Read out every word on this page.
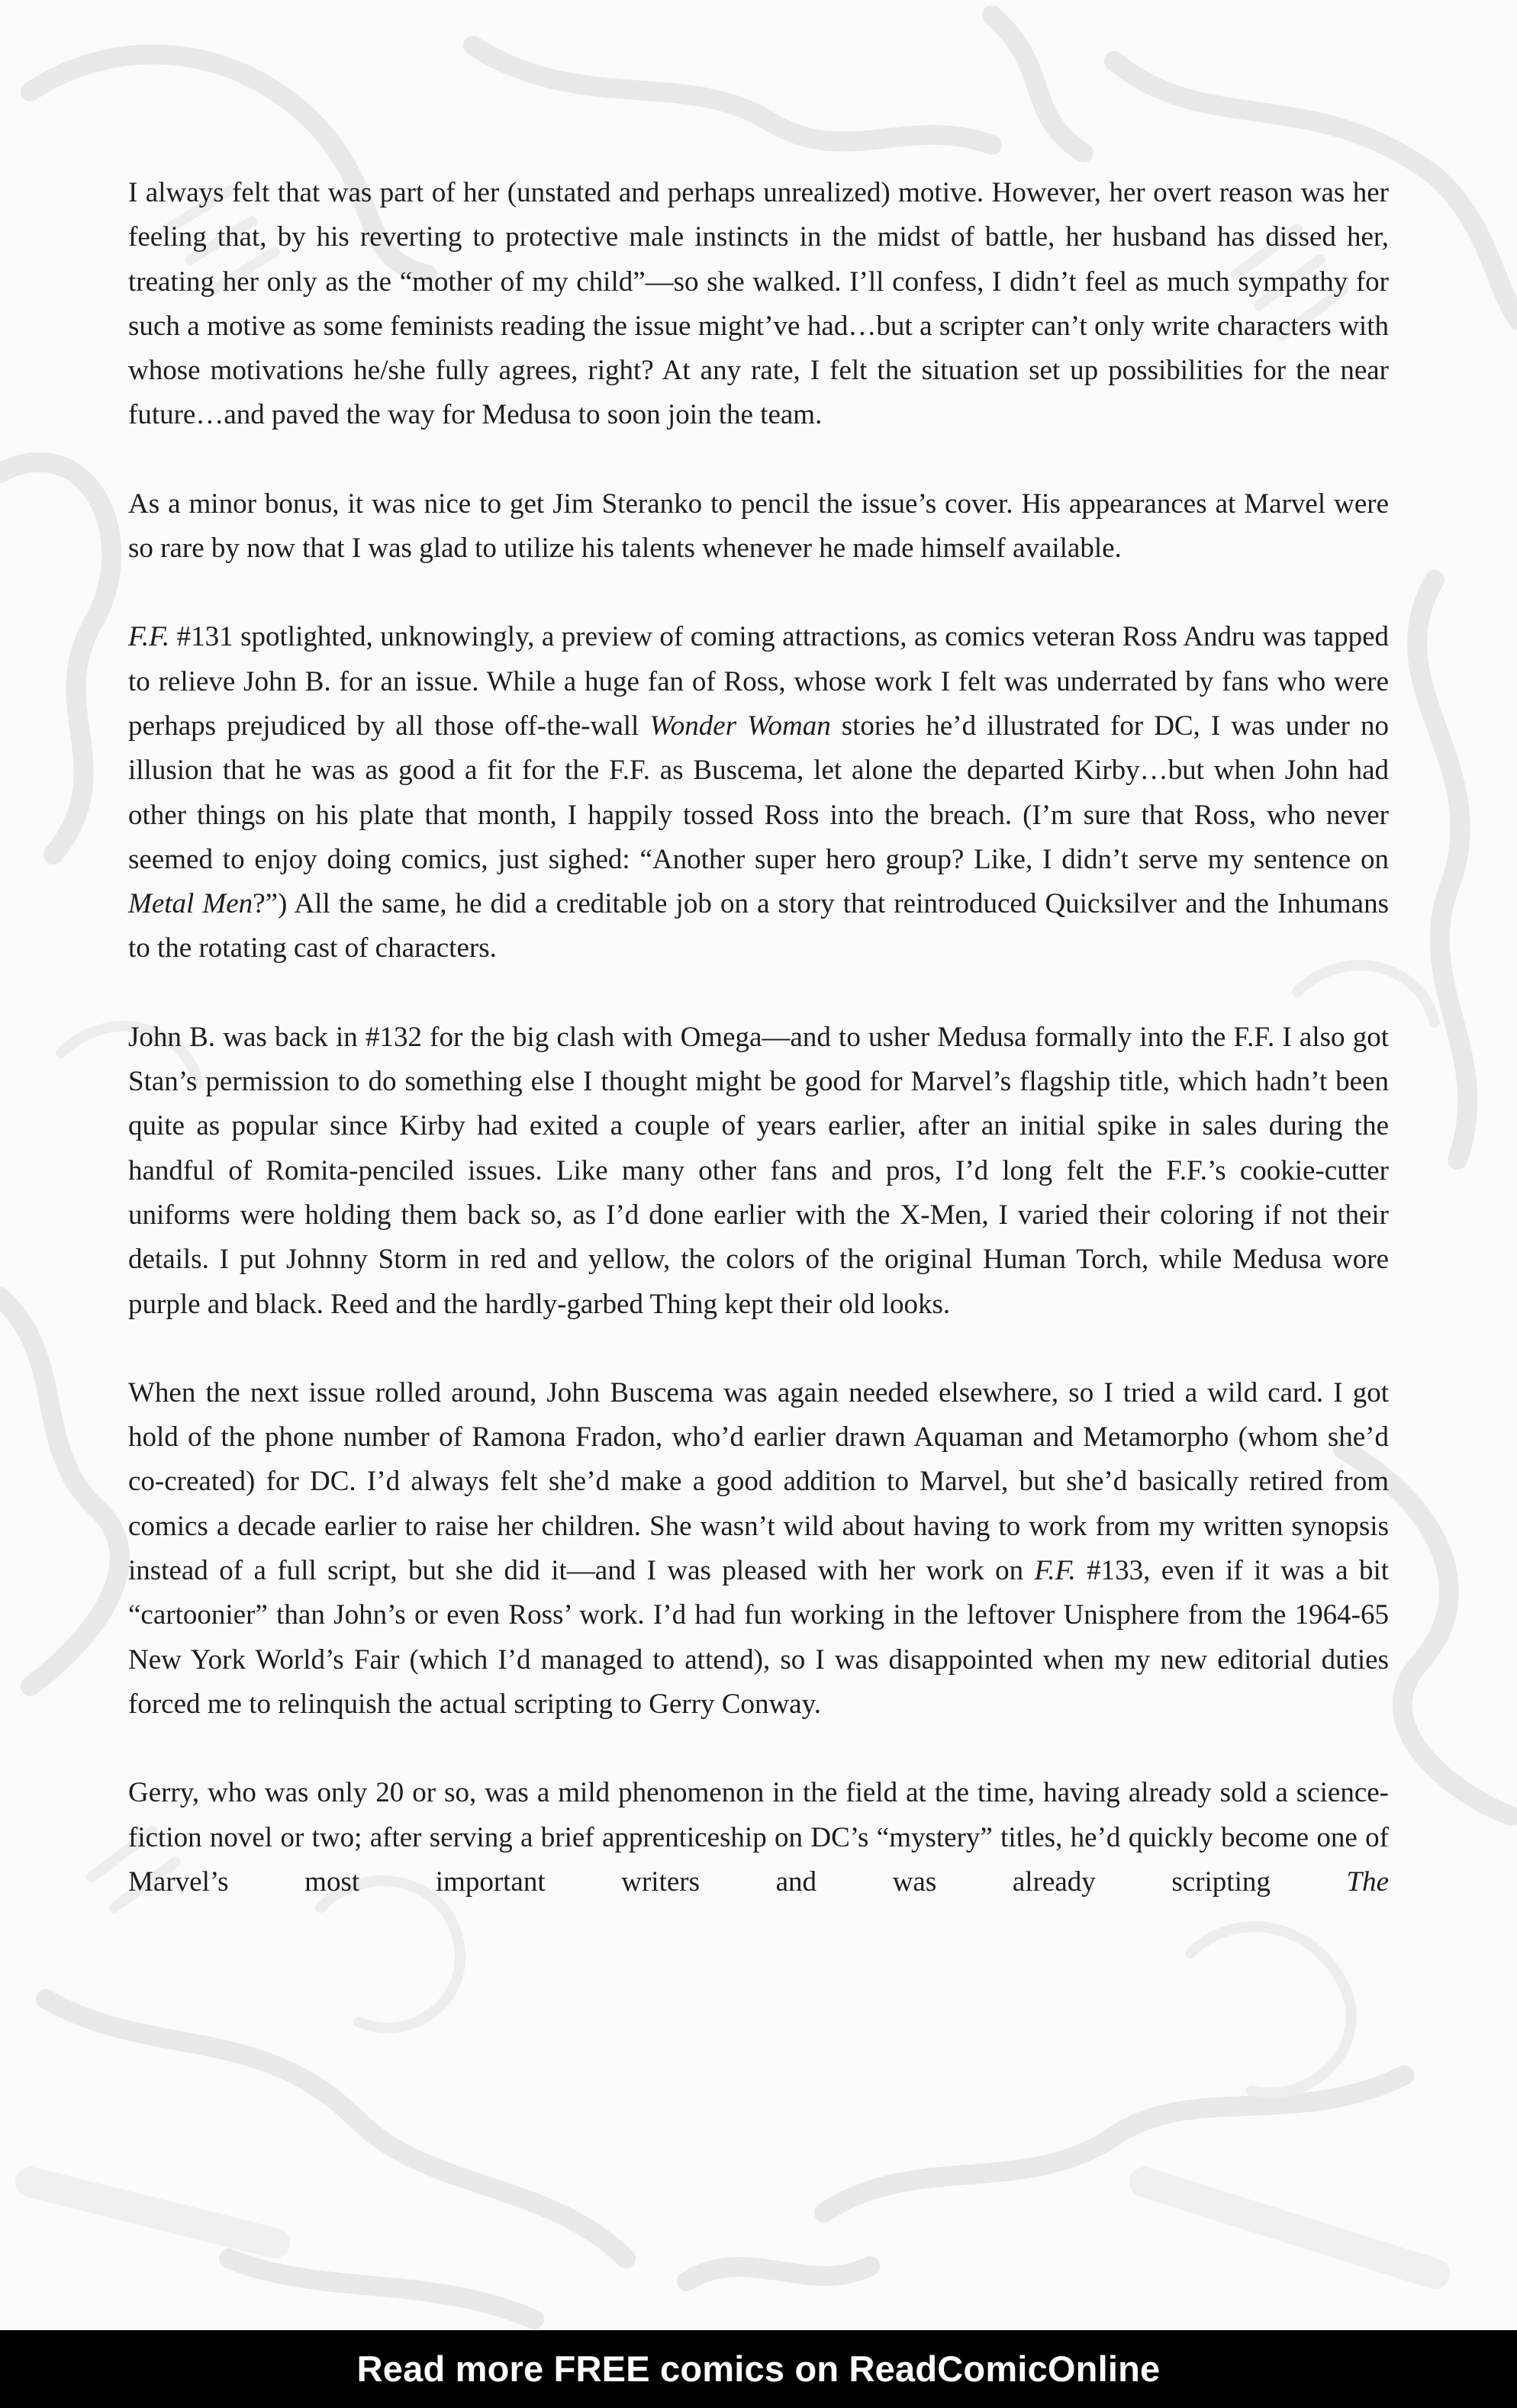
I always felt that was part of her (unstated and perhaps unrealized) motive. However, her overt reason was her feeling that, by his reverting to protective male instincts in the midst of battle, her husband has dissed her, treating her only as the “mother of my child”—so she walked. I’ll confess, I didn’t feel as much sympathy for such a motive as some feminists reading the issue might’ve had…but a scripter can’t only write characters with whose motivations he/she fully agrees, right? At any rate, I felt the situation set up possibilities for the near future…and paved the way for Medusa to soon join the team.

As a minor bonus, it was nice to get Jim Steranko to pencil the issue’s cover. His appearances at Marvel were so rare by now that I was glad to utilize his talents whenever he made himself available.

F.F. #131 spotlighted, unknowingly, a preview of coming attractions, as comics veteran Ross Andru was tapped to relieve John B. for an issue. While a huge fan of Ross, whose work I felt was underrated by fans who were perhaps prejudiced by all those off-the-wall Wonder Woman stories he’d illustrated for DC, I was under no illusion that he was as good a fit for the F.F. as Buscema, let alone the departed Kirby…but when John had other things on his plate that month, I happily tossed Ross into the breach. (I’m sure that Ross, who never seemed to enjoy doing comics, just sighed: “Another super hero group? Like, I didn’t serve my sentence on Metal Men?”) All the same, he did a creditable job on a story that reintroduced Quicksilver and the Inhumans to the rotating cast of characters.

John B. was back in #132 for the big clash with Omega—and to usher Medusa formally into the F.F. I also got Stan’s permission to do something else I thought might be good for Marvel’s flagship title, which hadn’t been quite as popular since Kirby had exited a couple of years earlier, after an initial spike in sales during the handful of Romita-penciled issues. Like many other fans and pros, I’d long felt the F.F.’s cookie-cutter uniforms were holding them back so, as I’d done earlier with the X-Men, I varied their coloring if not their details. I put Johnny Storm in red and yellow, the colors of the original Human Torch, while Medusa wore purple and black. Reed and the hardly-garbed Thing kept their old looks.

When the next issue rolled around, John Buscema was again needed elsewhere, so I tried a wild card. I got hold of the phone number of Ramona Fradon, who’d earlier drawn Aquaman and Metamorpho (whom she’d co-created) for DC. I’d always felt she’d make a good addition to Marvel, but she’d basically retired from comics a decade earlier to raise her children. She wasn’t wild about having to work from my written synopsis instead of a full script, but she did it—and I was pleased with her work on F.F. #133, even if it was a bit “cartoonier” than John’s or even Ross’ work. I’d had fun working in the leftover Unisphere from the 1964-65 New York World’s Fair (which I’d managed to attend), so I was disappointed when my new editorial duties forced me to relinquish the actual scripting to Gerry Conway.

Gerry, who was only 20 or so, was a mild phenomenon in the field at the time, having already sold a science-fiction novel or two; after serving a brief apprenticeship on DC’s “mystery” titles, he’d quickly become one of Marvel’s most important writers and was already scripting The

Read more FREE comics on ReadComicOnline
